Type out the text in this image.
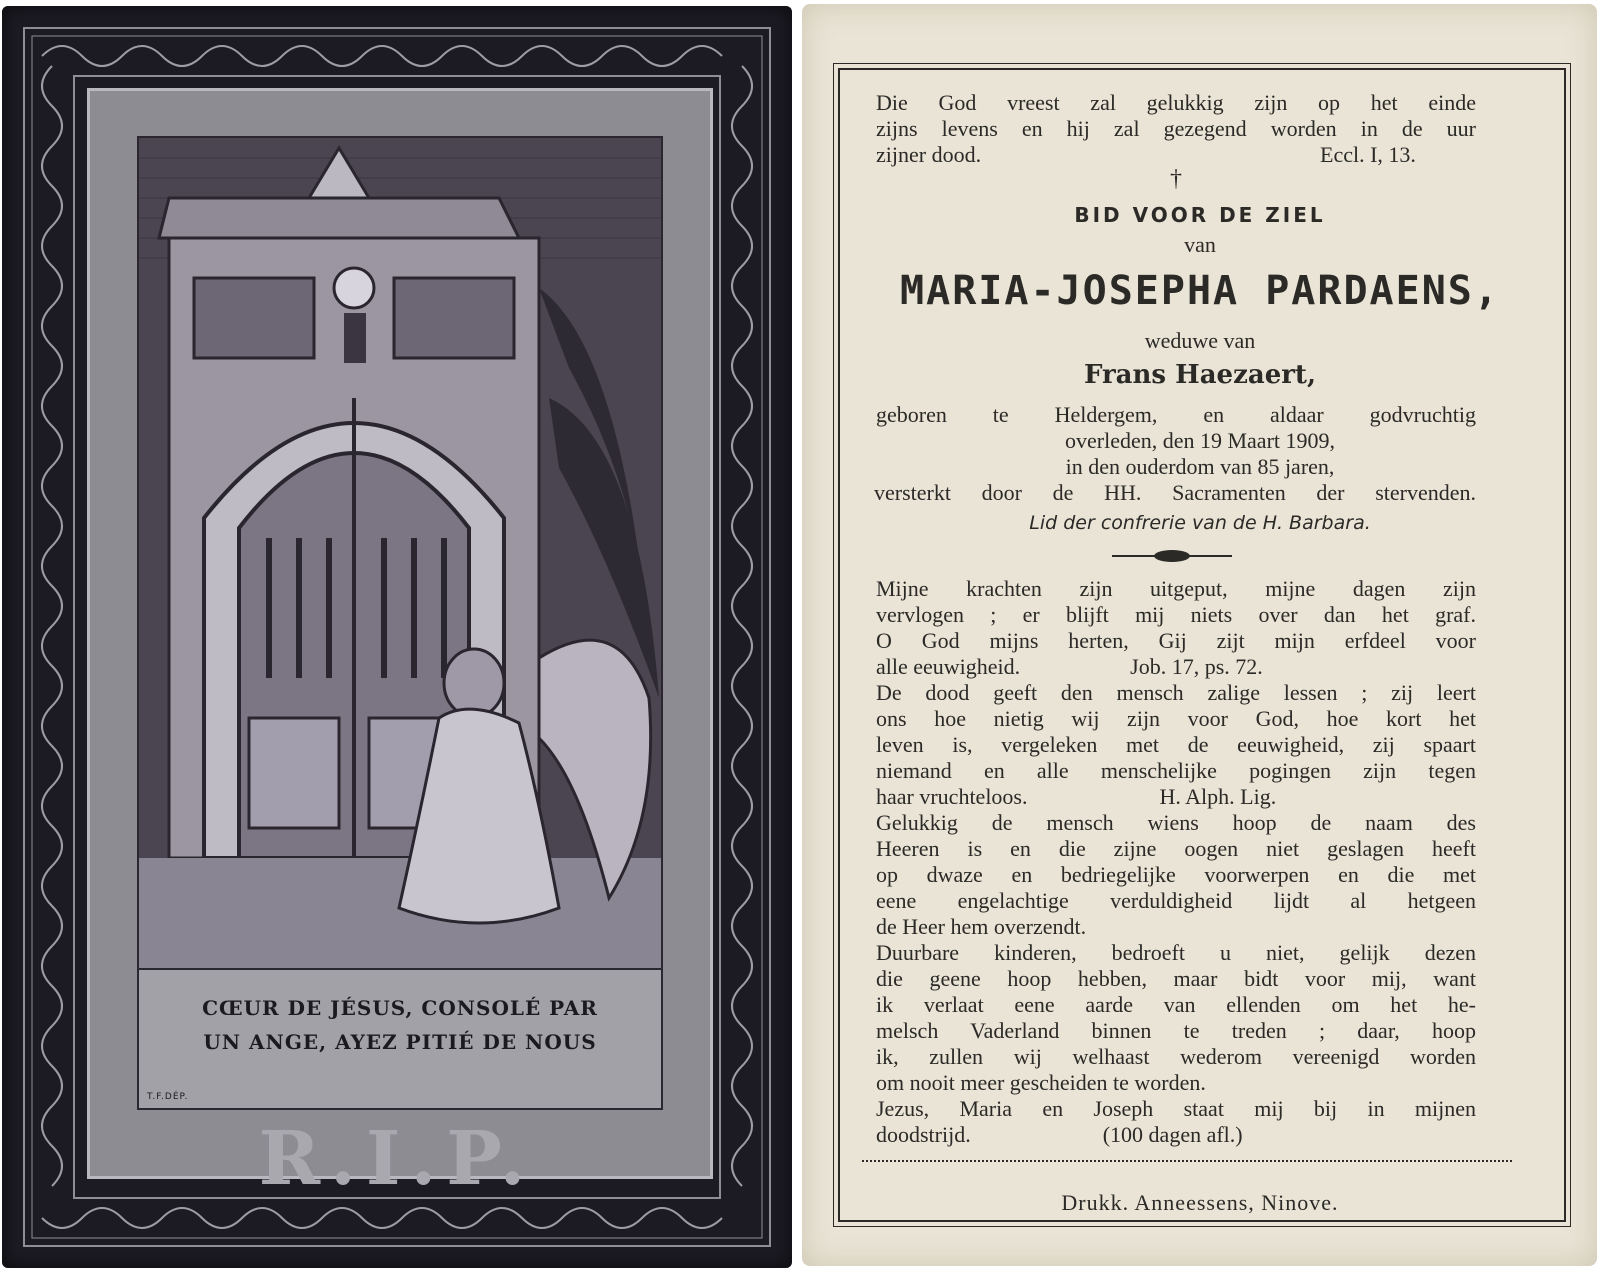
CŒUR DE JÉSUS, CONSOLÉ PAR
UN ANGE, AYEZ PITIÉ DE NOUS
T.F.DÉP.
R.I.P.
Die God vreest zal gelukkig zijn op het einde
zijns levens en hij zal gezegend worden in de uur
zijner dood.	Eccl. I, 13.
†
BID VOOR DE ZIEL
van
MARIA-JOSEPHA PARDAENS,
weduwe van
Frans Haezaert,
geboren te Heldergem, en aldaar godvruchtig
overleden, den 19 Maart 1909,
in den ouderdom van 85 jaren,
versterkt door de HH. Sacramenten der stervenden.
Lid der confrerie van de H. Barbara.
Mijne krachten zijn uitgeput, mijne dagen zijn
vervlogen ; er blijft mij niets over dan het graf.
O God mijns herten, Gij zijt mijn erfdeel voor
alle eeuwigheid.                    Job. 17, ps. 72.
De dood geeft den mensch zalige lessen ; zij leert
ons hoe nietig wij zijn voor God, hoe kort het
leven is, vergeleken met de eeuwigheid, zij spaart
niemand en alle menschelijke pogingen zijn tegen
haar vruchteloos.                        H. Alph. Lig.
Gelukkig de mensch wiens hoop de naam des
Heeren is en die zijne oogen niet geslagen heeft
op dwaze en bedriegelijke voorwerpen en die met
eene engelachtige verduldigheid lijdt al hetgeen
de Heer hem overzendt.
Duurbare kinderen, bedroeft u niet, gelijk dezen
die geene hoop hebben, maar bidt voor mij, want
ik verlaat eene aarde van ellenden om het he-
melsch Vaderland binnen te treden ; daar, hoop
ik, zullen wij welhaast wederom vereenigd worden
om nooit meer gescheiden te worden.
Jezus, Maria en Joseph staat mij bij in mijnen
doodstrijd.                        (100 dagen afl.)
Drukk. Anneessens, Ninove.
